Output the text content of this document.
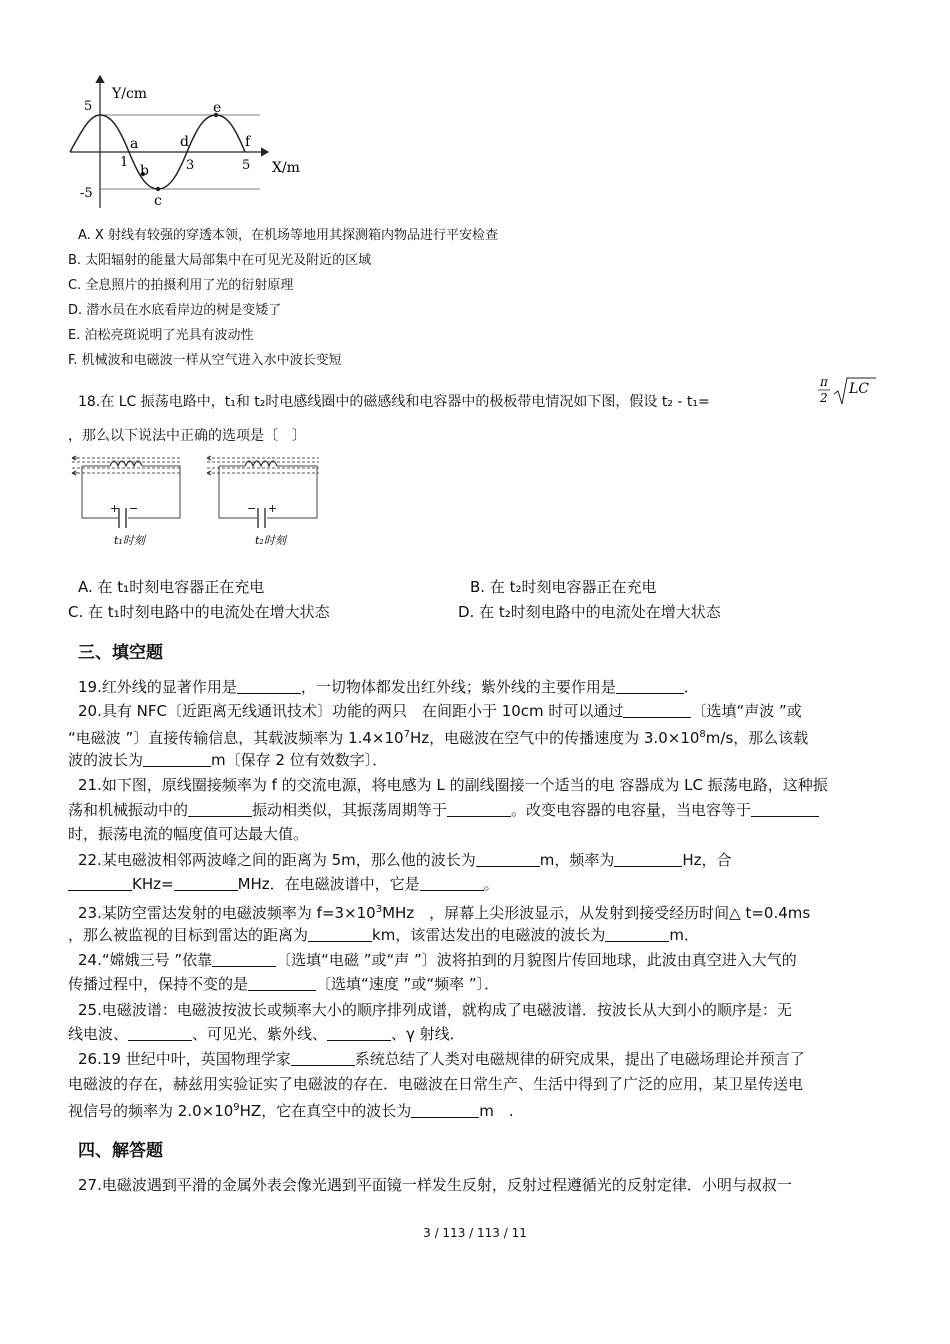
Y/cm
X/m
5
-5
1	3	5
a
b
c
d
e
f
A. X 射线有较强的穿透本领，在机场等地用其探测箱内物品进行平安检查
B. 太阳辐射的能量大局部集中在可见光及附近的区域
C. 全息照片的拍摄利用了光的衍射原理
D. 潜水员在水底看岸边的树是变矮了
E. 泊松亮斑说明了光具有波动性
F. 机械波和电磁波一样从空气进入水中波长变短
18.在 LC 振荡电路中，t₁和 t₂时电感线圈中的磁感线和电容器中的极板带电情况如下图，假设 t₂ - t₁=
π
2
LC
，那么以下说法中正确的选项是〔　〕
+ −
t₁时刻
− +
t₂时刻
A. 在 t₁时刻电容器正在充电	B. 在 t₂时刻电容器正在充电
C. 在 t₁时刻电路中的电流处在增大状态	D. 在 t₂时刻电路中的电流处在增大状态
三、填空题
19.红外线的显著作用是	，一切物体都发出红外线；紫外线的主要作用是	．
20.具有 NFC〔近距离无线通讯技术〕功能的两只　在间距小于 10cm 时可以通过	〔选填“声波 ”或
“电磁波 ”〕直接传输信息，其载波频率为 $1.4\times 10^7Hz$，电磁波在空气中的传播速度为 $3.0\times 10^8m/s$，那么该载
波的波长为	m〔保存 2 位有效数字〕．
21.如下图，原线圈接频率为 f 的交流电源，将电感为 L 的副线圈接一个适当的电 容器成为 LC 振荡电路，这种振
荡和机械振动中的	振动相类似，其振荡周期等于	。改变电容器的电容量，当电容等于
时，振荡电流的幅度值可达最大值。
22.某电磁波相邻两波峰之间的距离为 5m，那么他的波长为	m，频率为	Hz，合
KHz=	MHz．在电磁波谱中，它是	。
23.某防空雷达发射的电磁波频率为 $f=3\times 10^3MHz$　，屏幕上尖形波显示，从发射到接受经历时间△ t=0.4ms
，那么被监视的目标到雷达的距离为	km，该雷达发出的电磁波的波长为	m．
24.“嫦娥三号 ”依靠	〔选填“电磁 ”或“声 ”〕波将拍到的月貌图片传回地球，此波由真空进入大气的
传播过程中，保持不变的是	〔选填“速度 ”或“频率 ”〕．
25.电磁波谱：电磁波按波长或频率大小的顺序排列成谱，就构成了电磁波谱．按波长从大到小的顺序是：无
线电波、	、可见光、紫外线、	、γ 射线．
26.19 世纪中叶，英国物理学家	系统总结了人类对电磁规律的研究成果，提出了电磁场理论并预言了
电磁波的存在，赫兹用实验证实了电磁波的存在．电磁波在日常生产、生活中得到了广泛的应用，某卫星传送电
视信号的频率为 $2.0\times 10^9HZ$，它在真空中的波长为	m　.
四、解答题
27.电磁波遇到平滑的金属外表会像光遇到平面镜一样发生反射，反射过程遵循光的反射定律．小明与叔叔一
3 / 113 / 113 / 11
